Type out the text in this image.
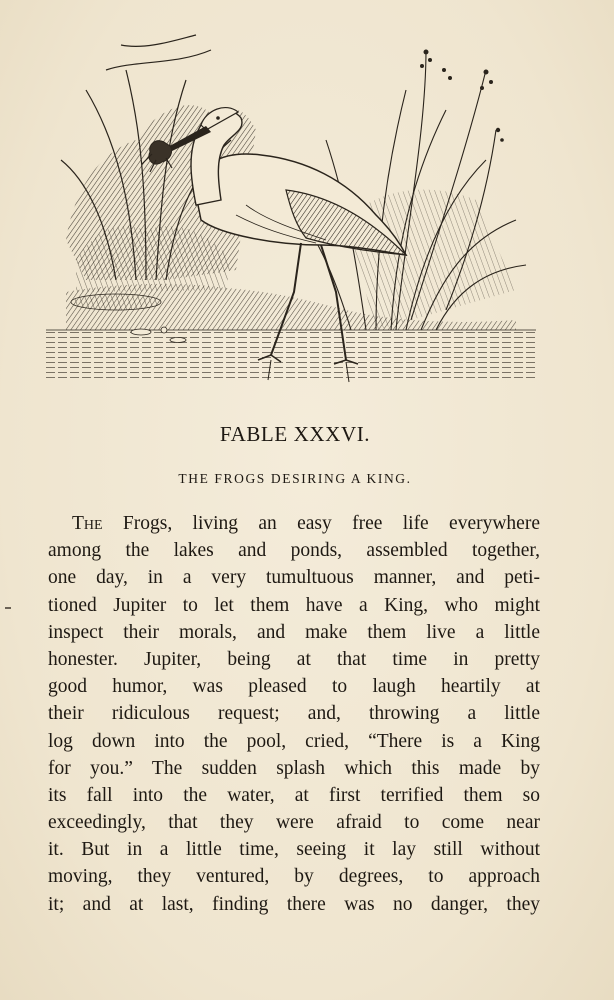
FABLE XXXVI.
THE FROGS DESIRING A KING.
The Frogs, living an easy free life everywhere
among the lakes and ponds, assembled together,
one day, in a very tumultuous manner, and peti-
tioned Jupiter to let them have a King, who might
inspect their morals, and make them live a little
honester. Jupiter, being at that time in pretty
good humor, was pleased to laugh heartily at
their ridiculous request; and, throwing a little
log down into the pool, cried, “There is a King
for you.” The sudden splash which this made by
its fall into the water, at first terrified them so
exceedingly, that they were afraid to come near
it. But in a little time, seeing it lay still without
moving, they ventured, by degrees, to approach
it; and at last, finding there was no danger, they
